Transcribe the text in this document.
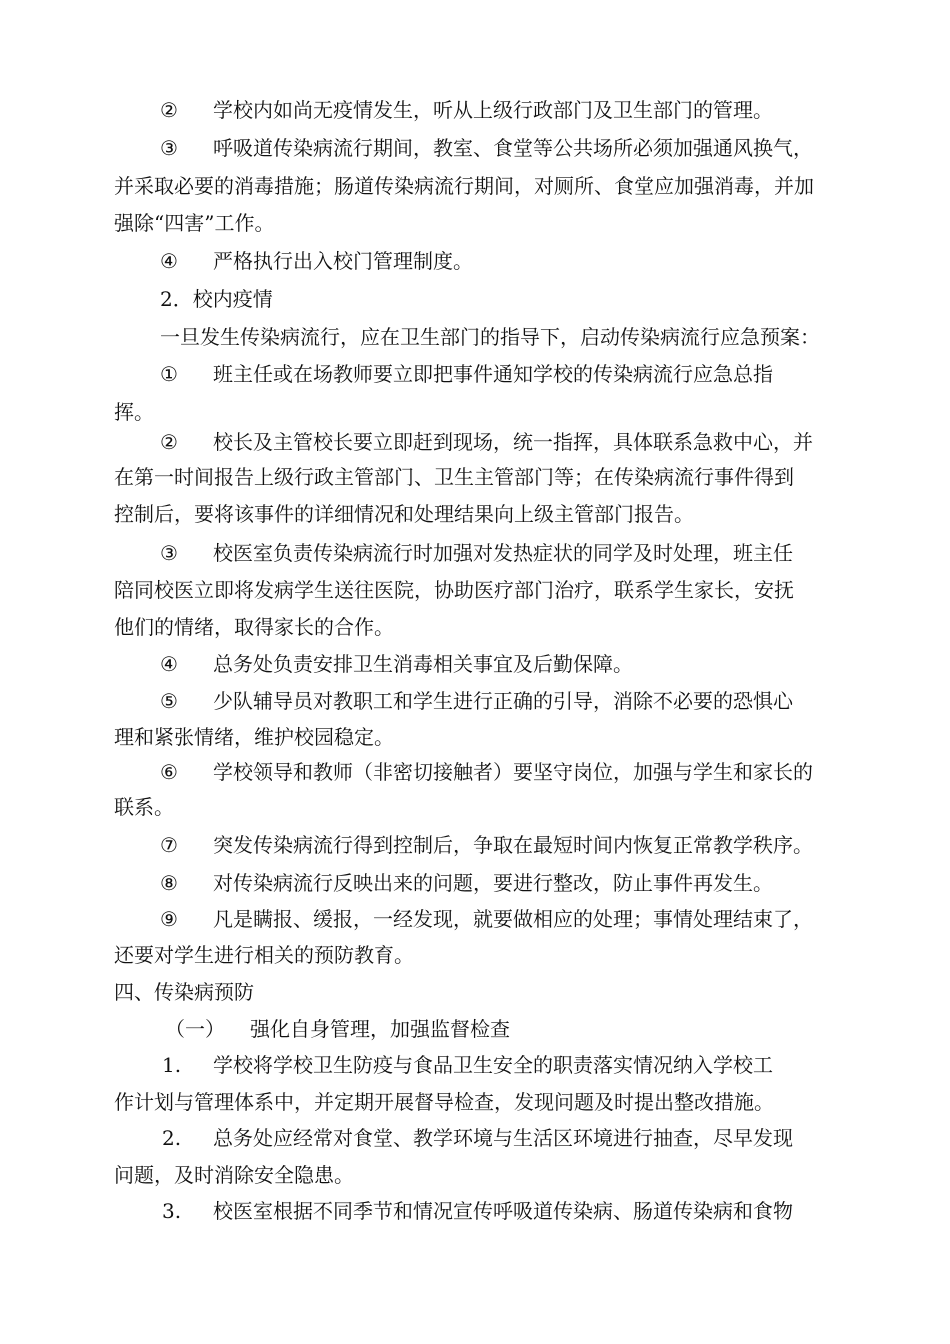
② 学校内如尚无疫情发生，听从上级行政部门及卫生部门的管理。
③ 呼吸道传染病流行期间，教室、食堂等公共场所必须加强通风换气，
并采取必要的消毒措施；肠道传染病流行期间，对厕所、食堂应加强消毒，并加
强除“四害”工作。
④ 严格执行出入校门管理制度。
2．校内疫情
一旦发生传染病流行，应在卫生部门的指导下，启动传染病流行应急预案：
① 班主任或在场教师要立即把事件通知学校的传染病流行应急总指
挥。
② 校长及主管校长要立即赶到现场，统一指挥，具体联系急救中心，并
在第一时间报告上级行政主管部门、卫生主管部门等；在传染病流行事件得到
控制后，要将该事件的详细情况和处理结果向上级主管部门报告。
③ 校医室负责传染病流行时加强对发热症状的同学及时处理，班主任
陪同校医立即将发病学生送往医院，协助医疗部门治疗，联系学生家长，安抚
他们的情绪，取得家长的合作。
④ 总务处负责安排卫生消毒相关事宜及后勤保障。
⑤ 少队辅导员对教职工和学生进行正确的引导，消除不必要的恐惧心
理和紧张情绪，维护校园稳定。
⑥ 学校领导和教师（非密切接触者）要坚守岗位，加强与学生和家长的
联系。
⑦ 突发传染病流行得到控制后，争取在最短时间内恢复正常教学秩序。
⑧ 对传染病流行反映出来的问题，要进行整改，防止事件再发生。
⑨ 凡是瞒报、缓报，一经发现，就要做相应的处理；事情处理结束了，
还要对学生进行相关的预防教育。
四、传染病预防
（一） 强化自身管理，加强监督检查
1. 学校将学校卫生防疫与食品卫生安全的职责落实情况纳入学校工
作计划与管理体系中，并定期开展督导检查，发现问题及时提出整改措施。
2. 总务处应经常对食堂、教学环境与生活区环境进行抽查，尽早发现
问题，及时消除安全隐患。
3. 校医室根据不同季节和情况宣传呼吸道传染病、肠道传染病和食物
